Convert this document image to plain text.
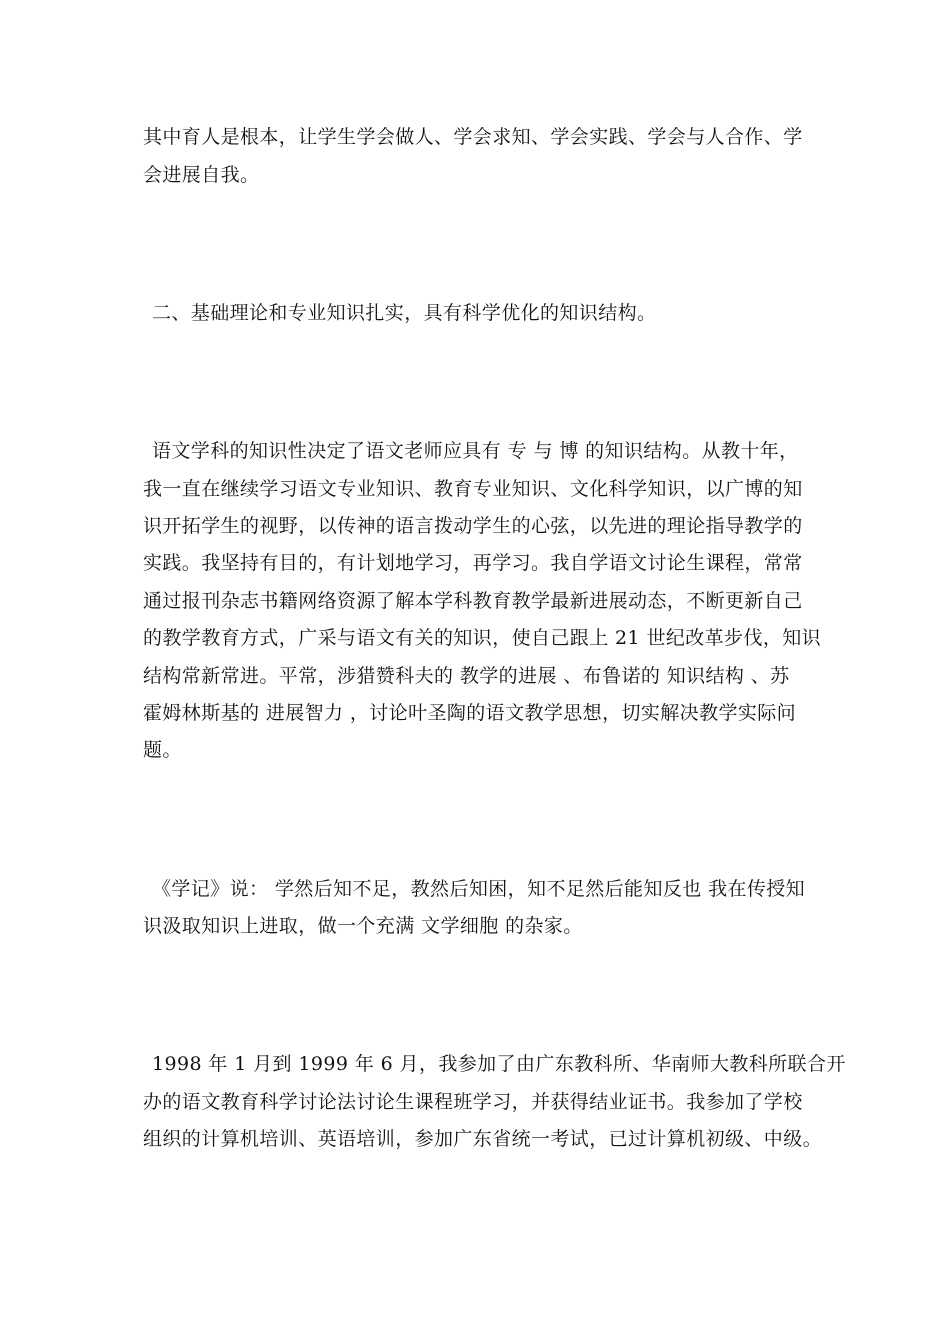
其中育人是根本，让学生学会做人、学会求知、学会实践、学会与人合作、学
会进展自我。
二、基础理论和专业知识扎实，具有科学优化的知识结构。
语文学科的知识性决定了语文老师应具有 专 与 博 的知识结构。从教十年，
我一直在继续学习语文专业知识、教育专业知识、文化科学知识，以广博的知
识开拓学生的视野，以传神的语言拨动学生的心弦，以先进的理论指导教学的
实践。我坚持有目的，有计划地学习，再学习。我自学语文讨论生课程，常常
通过报刊杂志书籍网络资源了解本学科教育教学最新进展动态，不断更新自己
的教学教育方式，广采与语文有关的知识，使自己跟上 21 世纪改革步伐，知识
结构常新常进。平常，涉猎赞科夫的 教学的进展 、布鲁诺的 知识结构 、苏
霍姆林斯基的 进展智力 ，讨论叶圣陶的语文教学思想，切实解决教学实际问
题。
《学记》说： 学然后知不足，教然后知困，知不足然后能知反也 我在传授知
识汲取知识上进取，做一个充满 文学细胞 的杂家。
1998 年 1 月到 1999 年 6 月，我参加了由广东教科所、华南师大教科所联合开
办的语文教育科学讨论法讨论生课程班学习，并获得结业证书。我参加了学校
组织的计算机培训、英语培训，参加广东省统一考试，已过计算机初级、中级。
